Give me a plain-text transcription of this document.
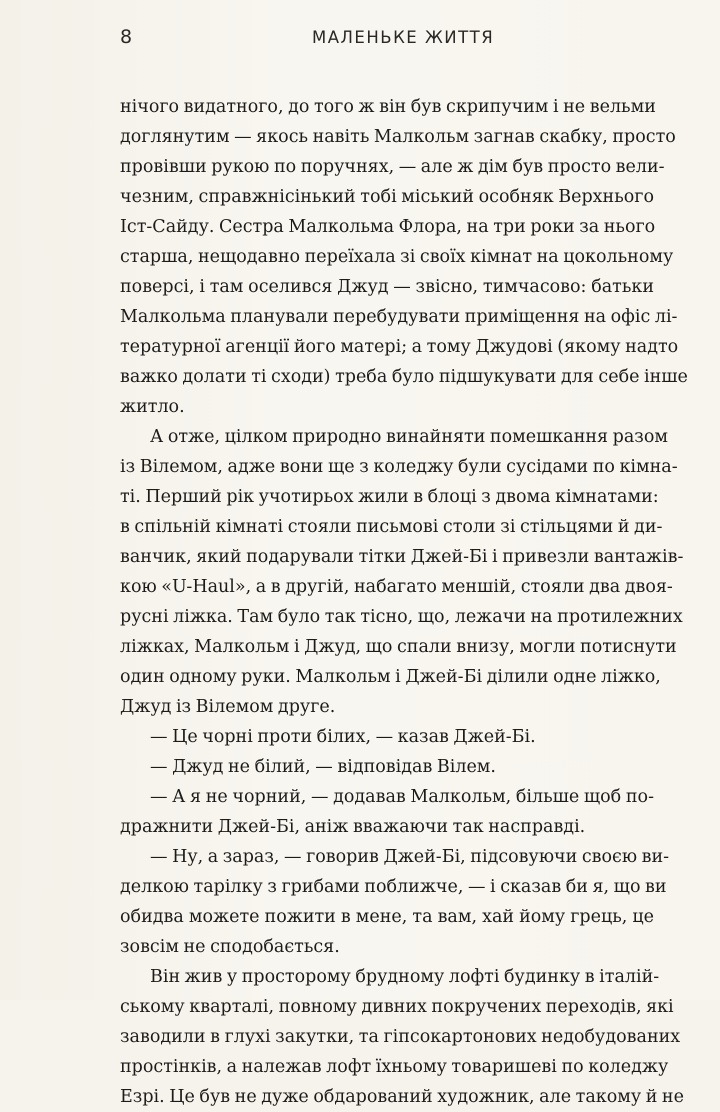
8	МАЛЕНЬКЕ ЖИТТЯ
нічого видатного, до того ж він був скрипучим і не вельми
доглянутим — якось навіть Малкольм загнав скабку, просто
провівши рукою по поручнях, — але ж дім був просто вели-
чезним, справжнісінький тобі міський особняк Верхнього
Іст-Сайду. Сестра Малкольма Флора, на три роки за нього
старша, нещодавно переїхала зі своїх кімнат на цокольному
поверсі, і там оселився Джуд — звісно, тимчасово: батьки
Малкольма планували перебудувати приміщення на офіс лі-
тературної агенції його матері; а тому Джудові (якому надто
важко долати ті сходи) треба було підшукувати для себе інше
житло.
А отже, цілком природно винайняти помешкання разом
із Вілемом, адже вони ще з коледжу були сусідами по кімна-
ті. Перший рік учотирьох жили в блоці з двома кімнатами:
в спільній кімнаті стояли письмові столи зі стільцями й ди-
ванчик, який подарували тітки Джей-Бі і привезли вантажів-
кою «U-Haul», а в другій, набагато меншій, стояли два двоя-
русні ліжка. Там було так тісно, що, лежачи на протилежних
ліжках, Малкольм і Джуд, що спали внизу, могли потиснути
один одному руки. Малкольм і Джей-Бі ділили одне ліжко,
Джуд із Вілемом друге.
— Це чорні проти білих, — казав Джей-Бі.
— Джуд не білий, — відповідав Вілем.
— А я не чорний, — додавав Малкольм, більше щоб по-
дражнити Джей-Бі, аніж вважаючи так насправді.
— Ну, а зараз, — говорив Джей-Бі, підсовуючи своєю ви-
делкою тарілку з грибами поближче, — і сказав би я, що ви
обидва можете пожити в мене, та вам, хай йому грець, це
зовсім не сподобається.
Він жив у просторому брудному лофті будинку в італій-
ському кварталі, повному дивних покручених переходів, які
заводили в глухі закутки, та гіпсокартонових недобудованих
простінків, а належав лофт їхньому товаришеві по коледжу
Езрі. Це був не дуже обдарований художник, але такому й не
